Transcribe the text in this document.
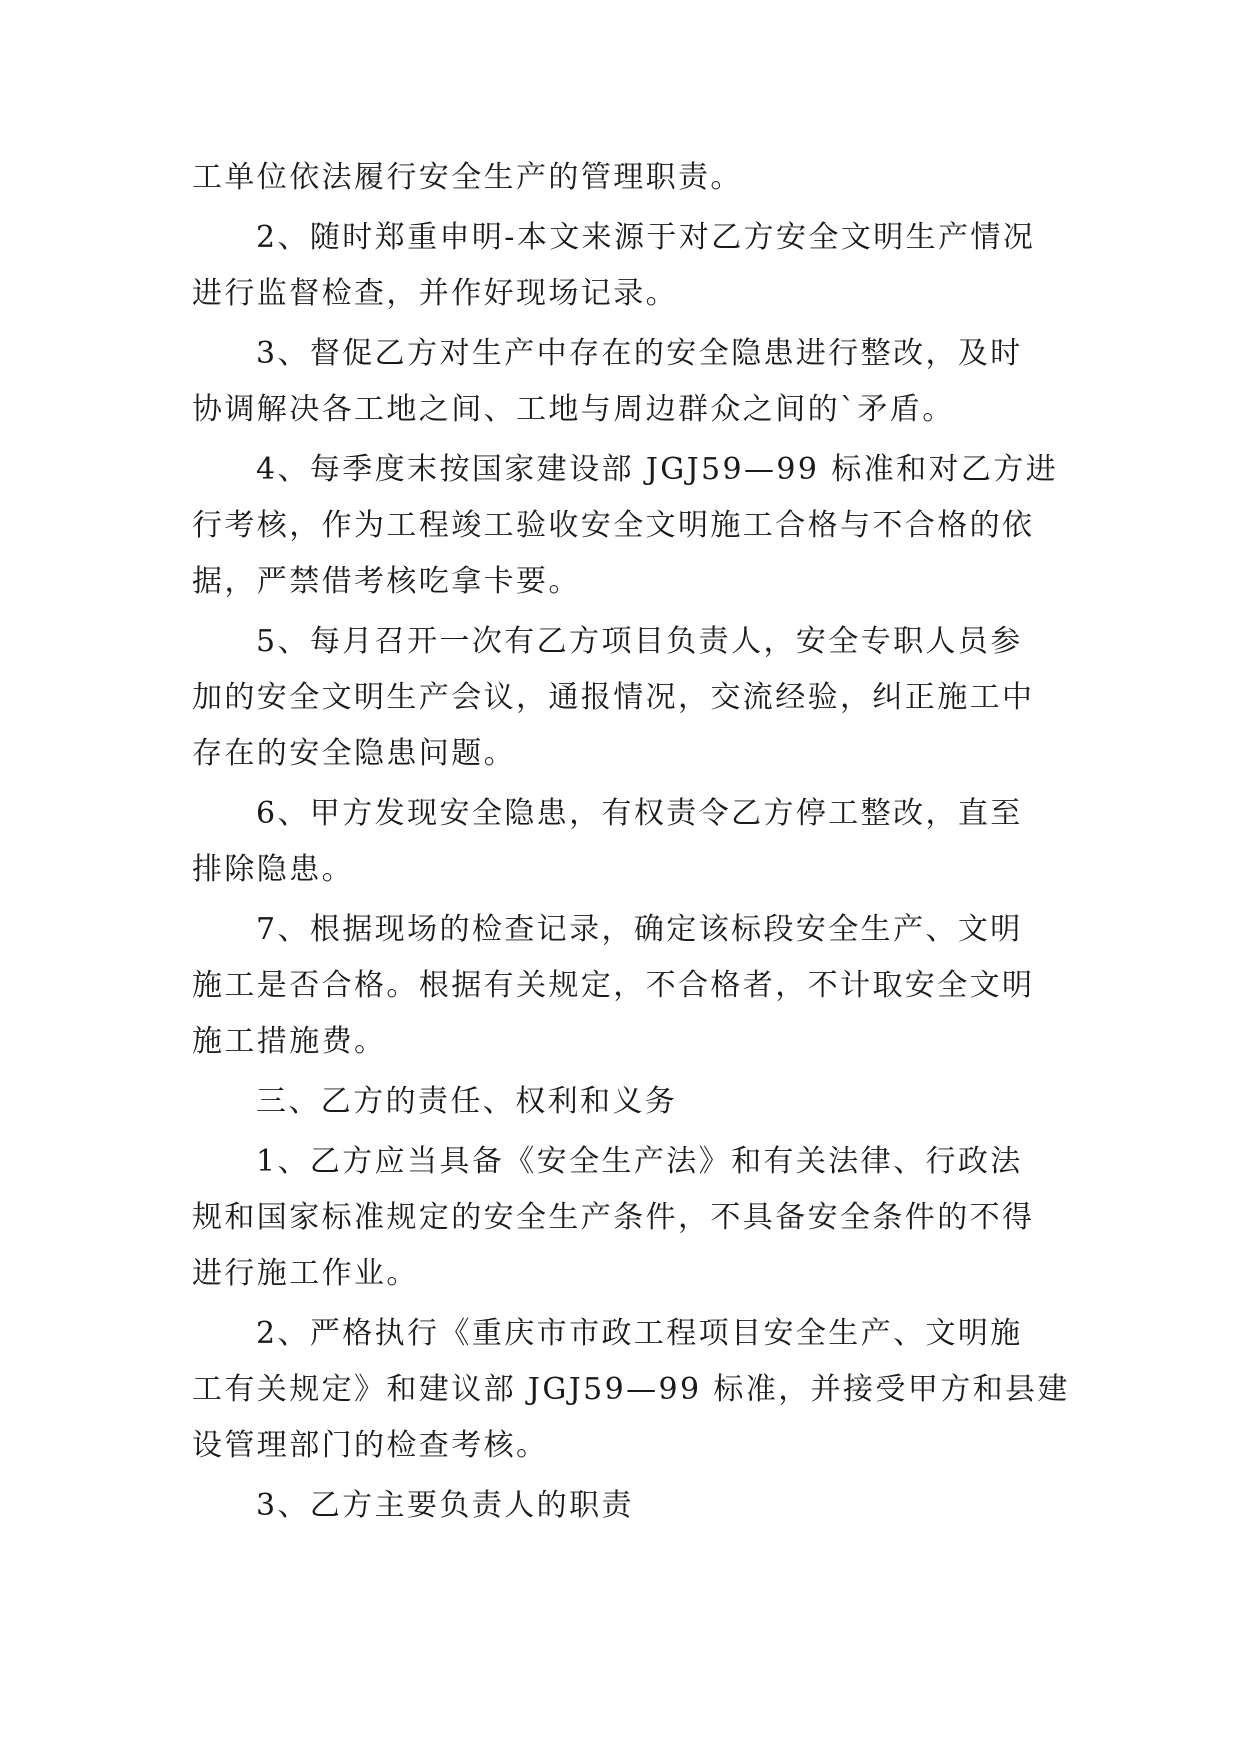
工单位依法履行安全生产的管理职责。
2、随时郑重申明-本文来源于对乙方安全文明生产情况
进行监督检查，并作好现场记录。
3、督促乙方对生产中存在的安全隐患进行整改，及时
协调解决各工地之间、工地与周边群众之间的`矛盾。
4、每季度末按国家建设部 JGJ59—99 标准和对乙方进
行考核，作为工程竣工验收安全文明施工合格与不合格的依
据，严禁借考核吃拿卡要。
5、每月召开一次有乙方项目负责人，安全专职人员参
加的安全文明生产会议，通报情况，交流经验，纠正施工中
存在的安全隐患问题。
6、甲方发现安全隐患，有权责令乙方停工整改，直至
排除隐患。
7、根据现场的检查记录，确定该标段安全生产、文明
施工是否合格。根据有关规定，不合格者，不计取安全文明
施工措施费。
三、乙方的责任、权利和义务
1、乙方应当具备《安全生产法》和有关法律、行政法
规和国家标准规定的安全生产条件，不具备安全条件的不得
进行施工作业。
2、严格执行《重庆市市政工程项目安全生产、文明施
工有关规定》和建议部 JGJ59—99 标准，并接受甲方和县建
设管理部门的检查考核。
3、乙方主要负责人的职责
